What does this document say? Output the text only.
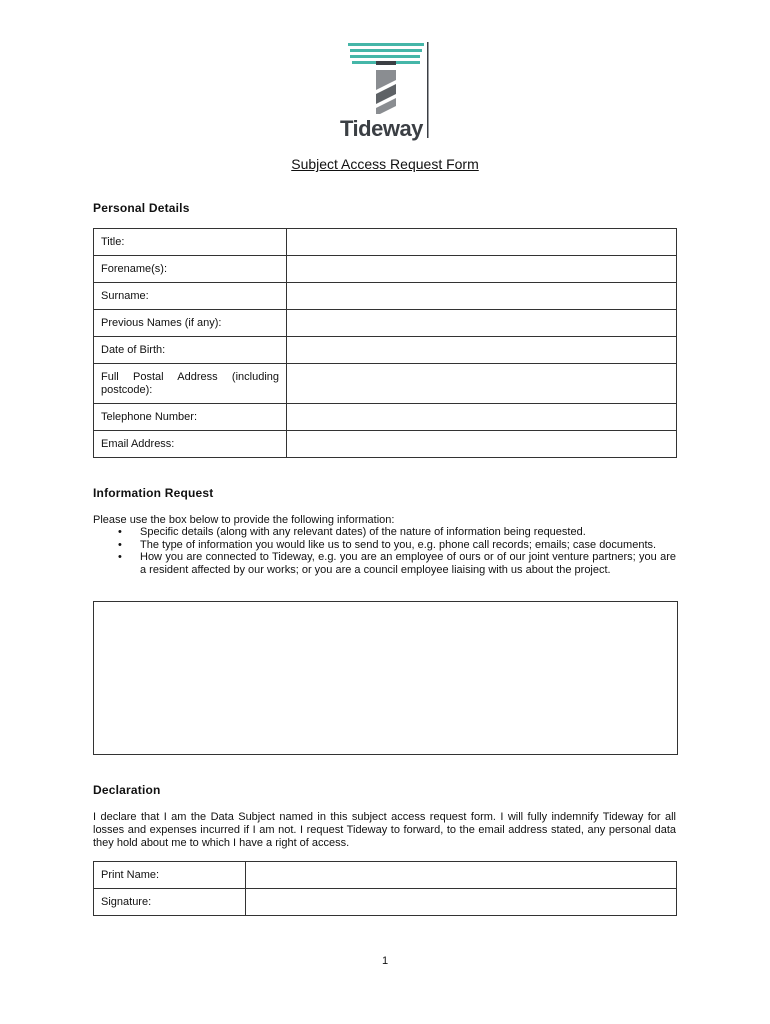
Tideway
Subject Access Request Form
Personal Details
Title:	
Forename(s):	
Surname:	
Previous Names (if any):	
Date of Birth:	
Full Postal Address (including postcode):	
Telephone Number:	
Email Address:	
Information Request
Please use the box below to provide the following information:
• Specific details (along with any relevant dates) of the nature of information being requested.
• The type of information you would like us to send to you, e.g. phone call records; emails; case documents.
• How you are connected to Tideway, e.g. you are an employee of ours or of our joint venture partners; you are a resident affected by our works; or you are a council employee liaising with us about the project.
Declaration

I declare that I am the Data Subject named in this subject access request form. I will fully indemnify Tideway for all losses and expenses incurred if I am not. I request Tideway to forward, to the email address stated, any personal data they hold about me to which I have a right of access.

Print Name:	
Signature:	
1
